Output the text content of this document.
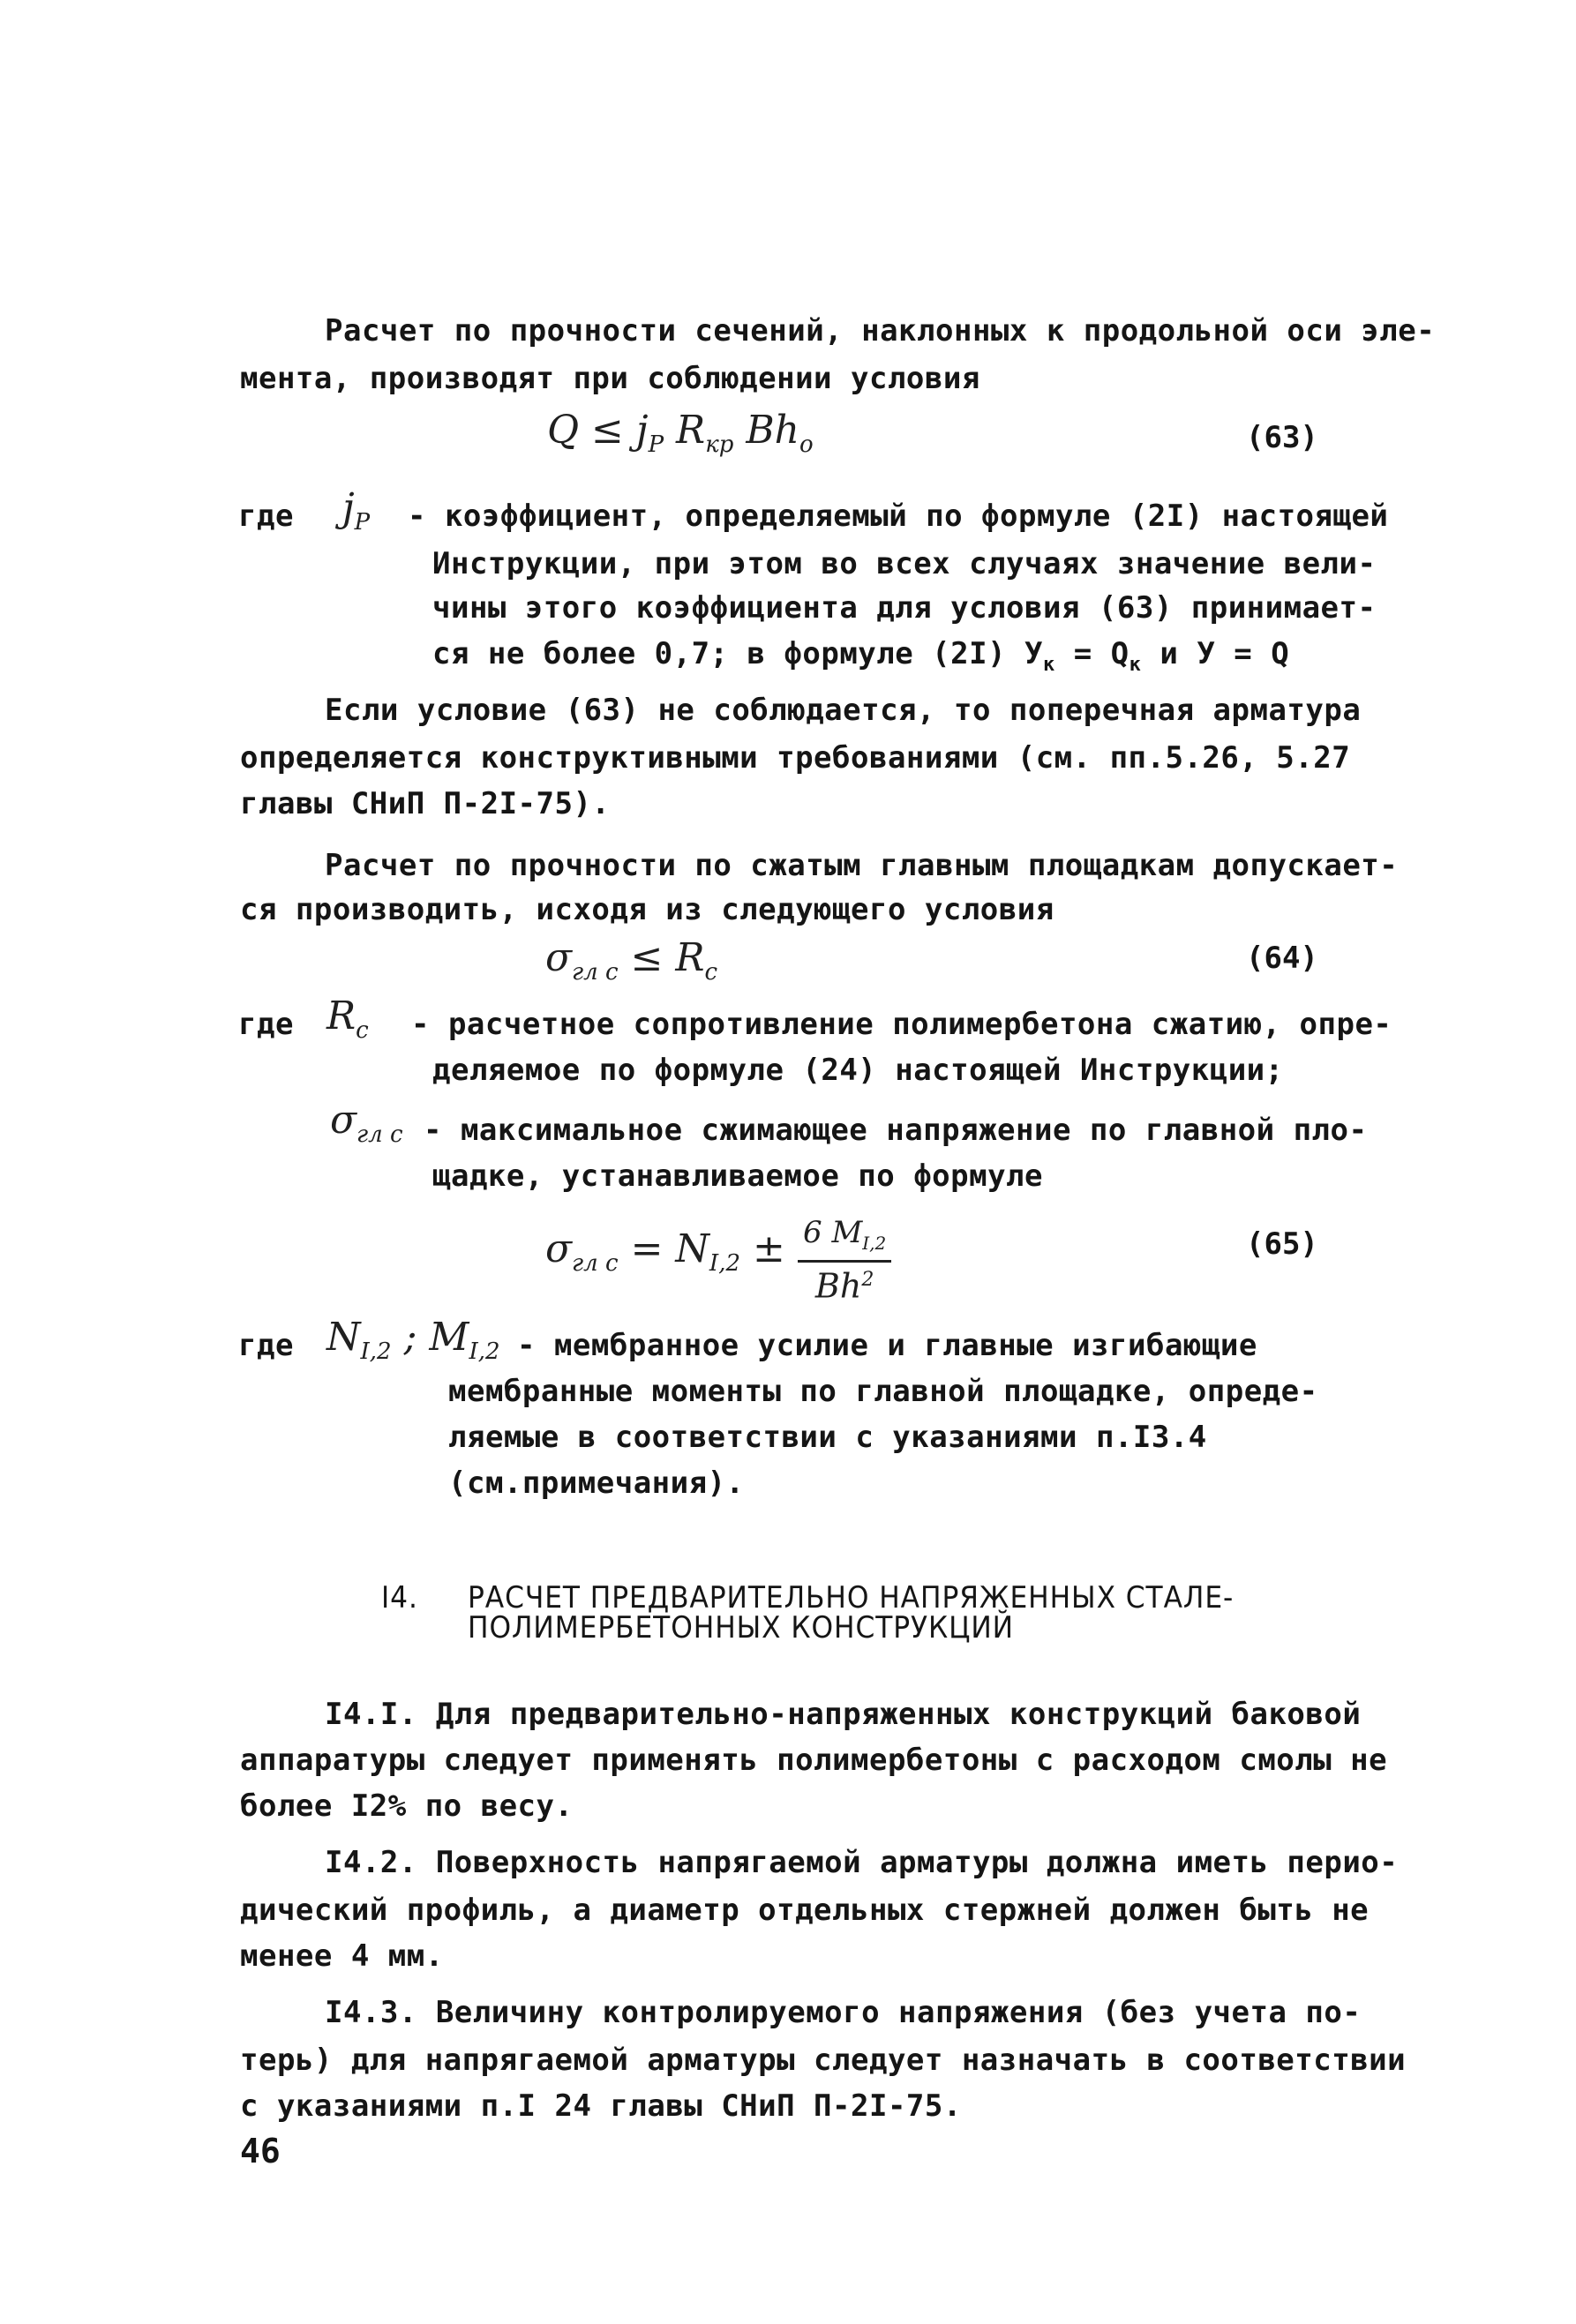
Расчет по прочности сечений, наклонных к продольной оси эле-
мента, производят при соблюдении условия
$Q \le j_P$ $R_{кр}$ $Bh_o$	(63)
где $j_P$ - коэффициент, определяемый по формуле (2I) настоящей
Инструкции, при этом во всех случаях значение вели-
чины этого коэффициента для условия (63) принимает-
ся не более 0,7; в формуле (2I) $У_к = Q_к$ и У = Q
Если условие (63) не соблюдается, то поперечная арматура
определяется конструктивными требованиями (см. пп.5.26, 5.27
главы СНиП П-2I-75).
Расчет по прочности по сжатым главным площадкам допускает-
ся производить, исходя из следующего условия
$\sigma_{гл c} \le R_c$	(64)
где $R_c$ - расчетное сопротивление полимербетона сжатию, опре-
деляемое по формуле (24) настоящей Инструкции;
$\sigma_{гл c}$ - максимальное сжимающее напряжение по главной пло-
щадке, устанавливаемое по формуле
$\sigma_{гл c} = N_{I,2} \pm \frac{6 M_{I,2}}{Bh^2}$	(65)
где $N_{I,2}$ ; $M_{I,2}$ - мембранное усилие и главные изгибающие
мембранные моменты по главной площадке, опреде-
ляемые в соответствии с указаниями п.I3.4
(см.примечания).
I4. РАСЧЕТ ПРЕДВАРИТЕЛЬНО НАПРЯЖЕННЫХ СТАЛЕ-
ПОЛИМЕРБЕТОННЫХ КОНСТРУКЦИЙ
I4.I. Для предварительно-напряженных конструкций баковой
аппаратуры следует применять полимербетоны с расходом смолы не
более I2% по весу.
I4.2. Поверхность напрягаемой арматуры должна иметь перио-
дический профиль, а диаметр отдельных стержней должен быть не
менее 4 мм.
I4.3. Величину контролируемого напряжения (без учета по-
терь) для напрягаемой арматуры следует назначать в соответствии
с указаниями п.I 24 главы СНиП П-2I-75.
46
